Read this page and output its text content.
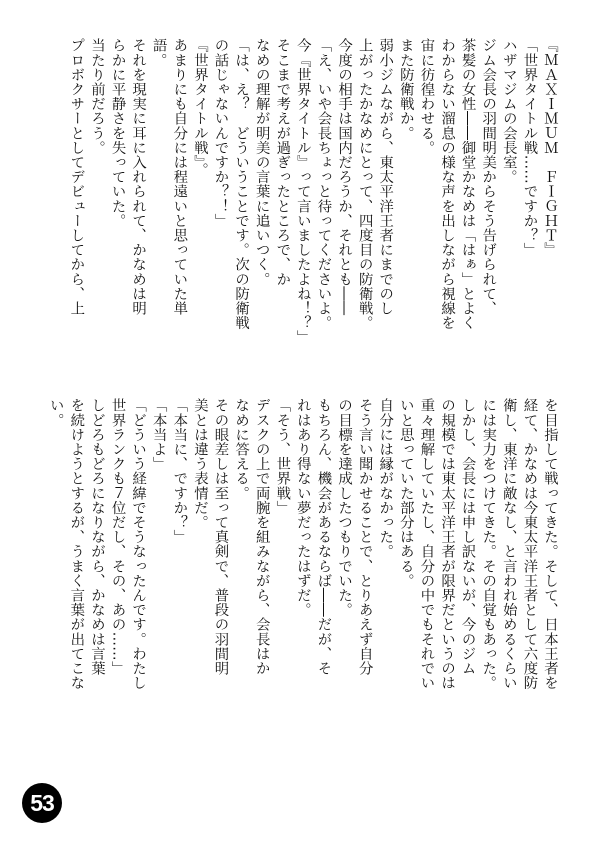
『ＭＡＸＩＭＵＭ　ＦＩＧＨＴ』
「世界タイトル戦……ですか？」
ハザマジムの会長室。
ジム会長の羽間明美からそう告げられて、
茶髪の女性――御堂かなめは「はぁ」とよく
わからない溜息の様な声を出しながら視線を
宙に彷徨わせる。
また防衛戦か。
弱小ジムながら、東太平洋王者にまでのし
上がったかなめにとって、四度目の防衛戦。
今度の相手は国内だろうか、それとも――
「え、いや会長ちょっと待ってくださいよ。
今『世界タイトル』って言いましたよね！？」
そこまで考えが過ぎったところで、か
なめの理解が明美の言葉に追いつく。
「は、え？　どういうことです。次の防衛戦
の話じゃないんですか？！」
『世界タイトル戦』。
あまりにも自分には程遠いと思っていた単
語。
それを現実に耳に入れられて、かなめは明
らかに平静さを失っていた。
当たり前だろう。
プロボクサーとしてデビューしてから、上
を目指して戦ってきた。そして、日本王者を
経て、かなめは今東太平洋王者として六度防
衛し、東洋に敵なし、と言われ始めるくらい
には実力をつけてきた。その自覚もあった。
しかし、会長には申し訳ないが、今のジム
の規模では東太平洋王者が限界だというのは
重々理解していたし、自分の中でもそれでい
いと思っていた部分はある。
自分には縁がなかった。
そう言い聞かせることで、とりあえず自分
の目標を達成したつもりでいた。
もちろん、機会があるならば――だが、そ
れはあり得ない夢だったはずだ。
「そう、世界戦」
デスクの上で両腕を組みながら、会長はか
なめに答える。
その眼差しは至って真剣で、普段の羽間明
美とは違う表情だ。
「本当に、ですか？」
「本当よ」
「どういう経緯でそうなったんです。わたし
世界ランクも７位だし、その、あの……」
しどろもどろになりながら、かなめは言葉
を続けようとするが、うまく言葉が出てこな
い。
53
